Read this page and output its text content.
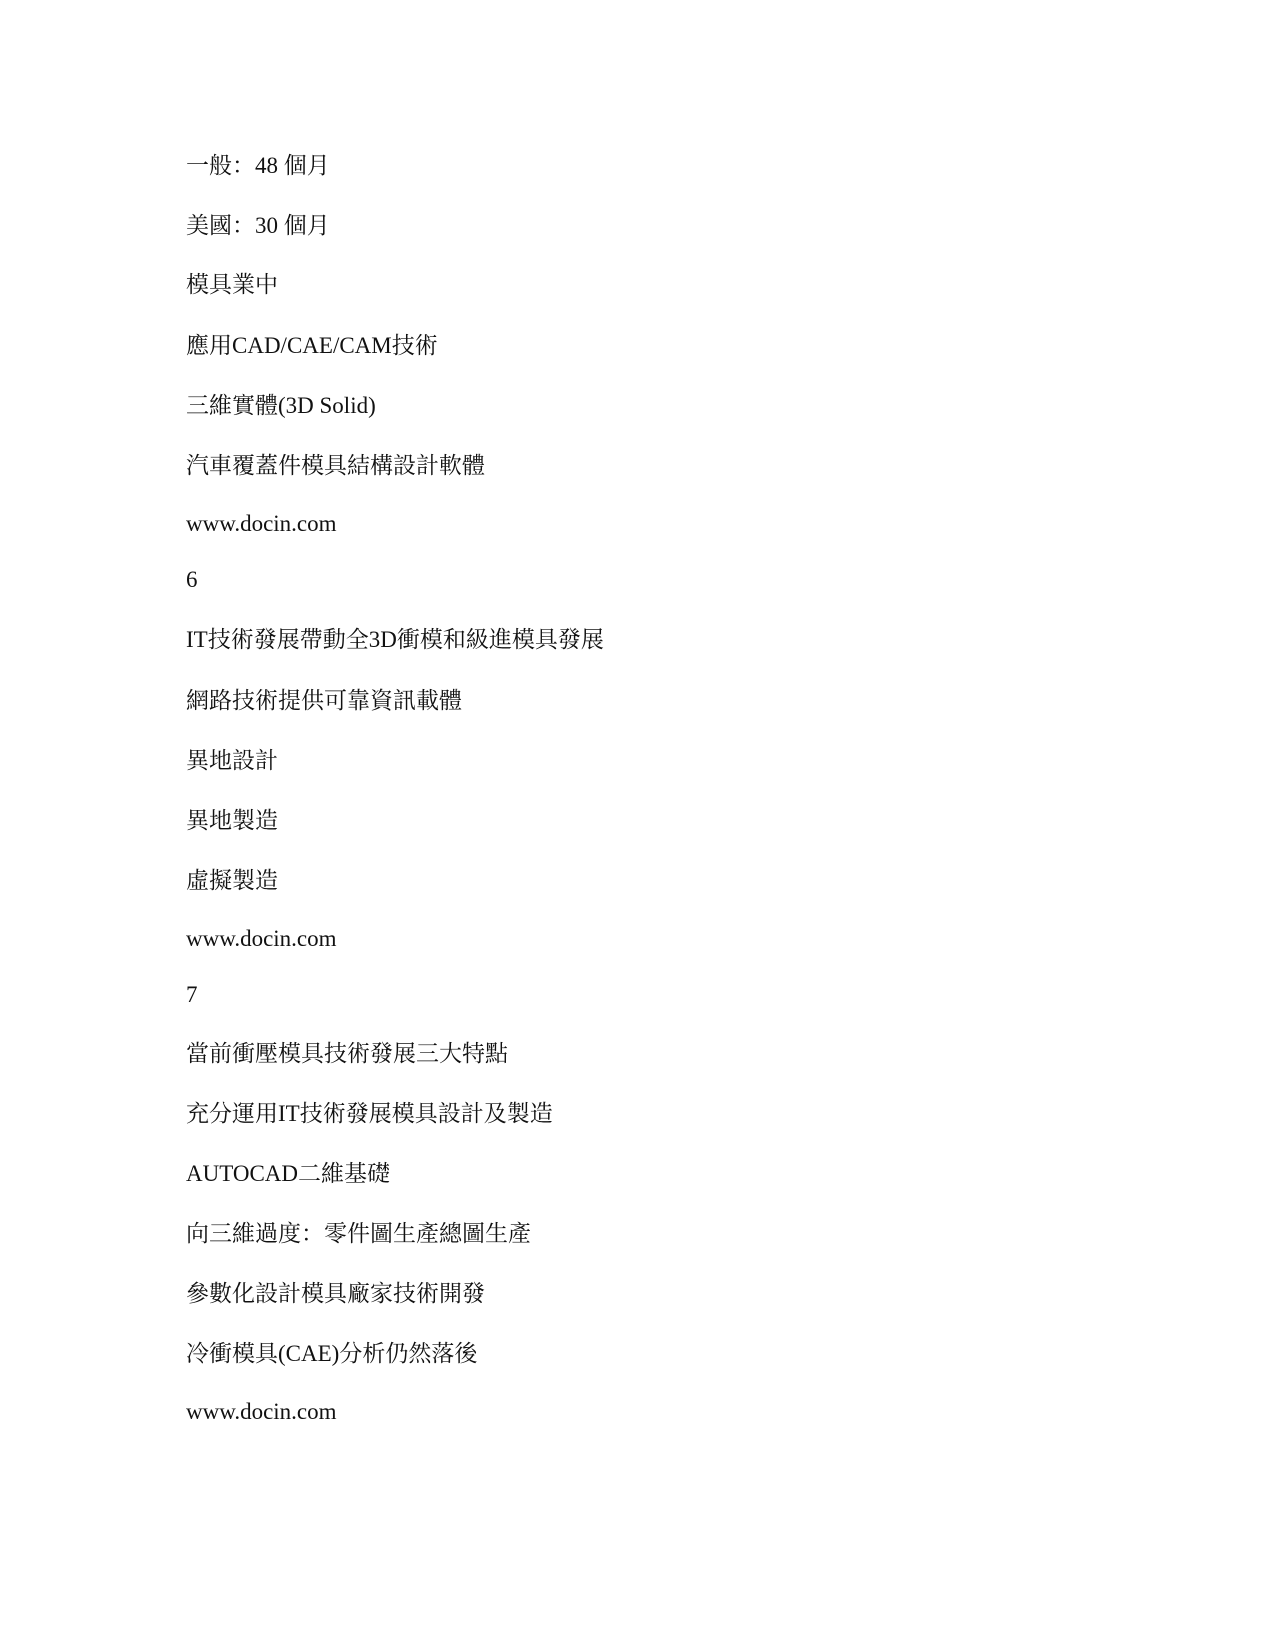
一般：48 個月
美國：30 個月
模具業中
應用CAD/CAE/CAM技術
三維實體(3D Solid)
汽車覆蓋件模具結構設計軟體
www.docin.com
6
IT技術發展帶動全3D衝模和級進模具發展
網路技術提供可靠資訊載體
異地設計
異地製造
虛擬製造
www.docin.com
7
當前衝壓模具技術發展三大特點
充分運用IT技術發展模具設計及製造
AUTOCAD二維基礎
向三維過度：零件圖生產總圖生產
參數化設計模具廠家技術開發
冷衝模具(CAE)分析仍然落後
www.docin.com
